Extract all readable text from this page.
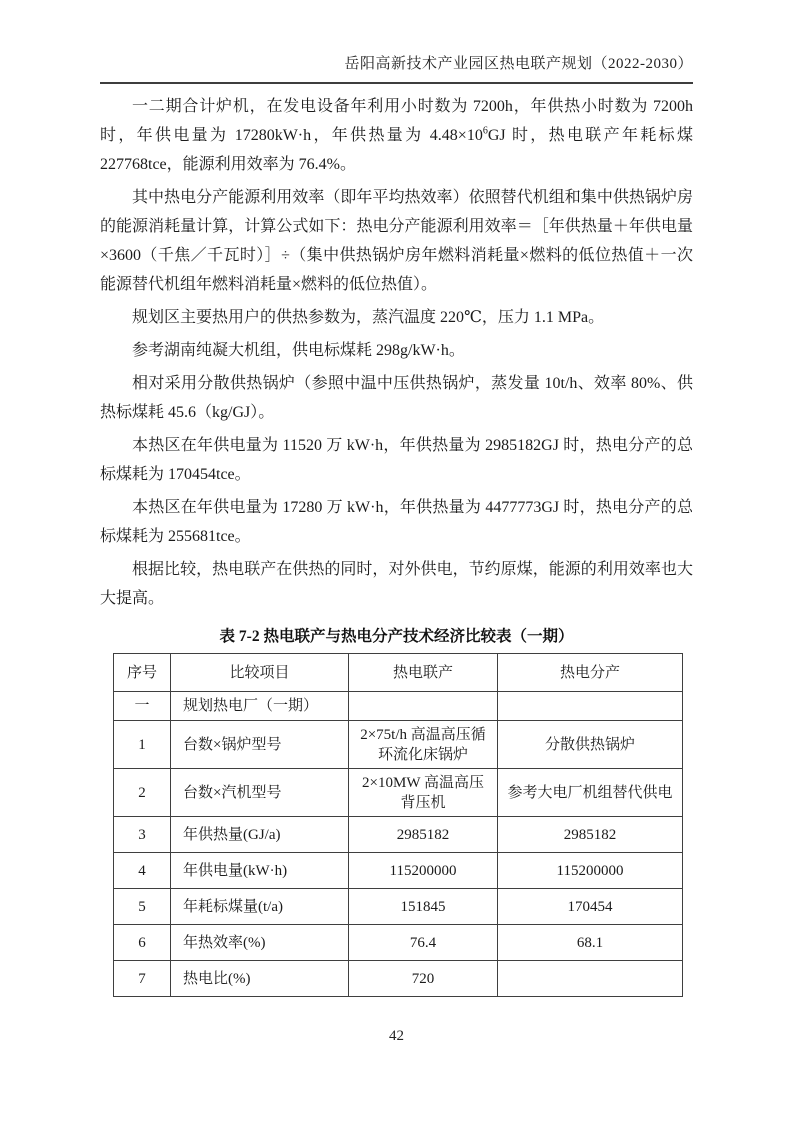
岳阳高新技术产业园区热电联产规划（2022-2030）

一二期合计炉机，在发电设备年利用小时数为 7200h，年供热小时数为 7200h 时，年供电量为 17280kW·h，年供热量为 $4.48\times 10^6GJ$ 时，热电联产年耗标煤 227768tce，能源利用效率为 76.4%。

其中热电分产能源利用效率（即年平均热效率）依照替代机组和集中供热锅炉房的能源消耗量计算，计算公式如下：热电分产能源利用效率＝［年供热量＋年供电量×3600（千焦／千瓦时）］÷（集中供热锅炉房年燃料消耗量×燃料的低位热值＋一次能源替代机组年燃料消耗量×燃料的低位热值）。

规划区主要热用户的供热参数为，蒸汽温度 220℃，压力 1.1 MPa。

参考湖南纯凝大机组，供电标煤耗 298g/kW·h。

相对采用分散供热锅炉（参照中温中压供热锅炉，蒸发量 10t/h、效率 80%、供热标煤耗 45.6（kg/GJ）。

本热区在年供电量为 11520 万 kW·h，年供热量为 2985182GJ 时，热电分产的总标煤耗为 170454tce。

本热区在年供电量为 17280 万 kW·h，年供热量为 4477773GJ 时，热电分产的总标煤耗为 255681tce。

根据比较，热电联产在供热的同时，对外供电，节约原煤，能源的利用效率也大大提高。

表 7-2 热电联产与热电分产技术经济比较表（一期）
序号	比较项目	热电联产	热电分产
一	规划热电厂（一期）		
1	台数×锅炉型号	2×75t/h 高温高压循环流化床锅炉	分散供热锅炉
2	台数×汽机型号	2×10MW 高温高压背压机	参考大电厂机组替代供电
3	年供热量(GJ/a)	2985182	2985182
4	年供电量(kW·h)	115200000	115200000
5	年耗标煤量(t/a)	151845	170454
6	年热效率(%)	76.4	68.1
7	热电比(%)	720	
42
